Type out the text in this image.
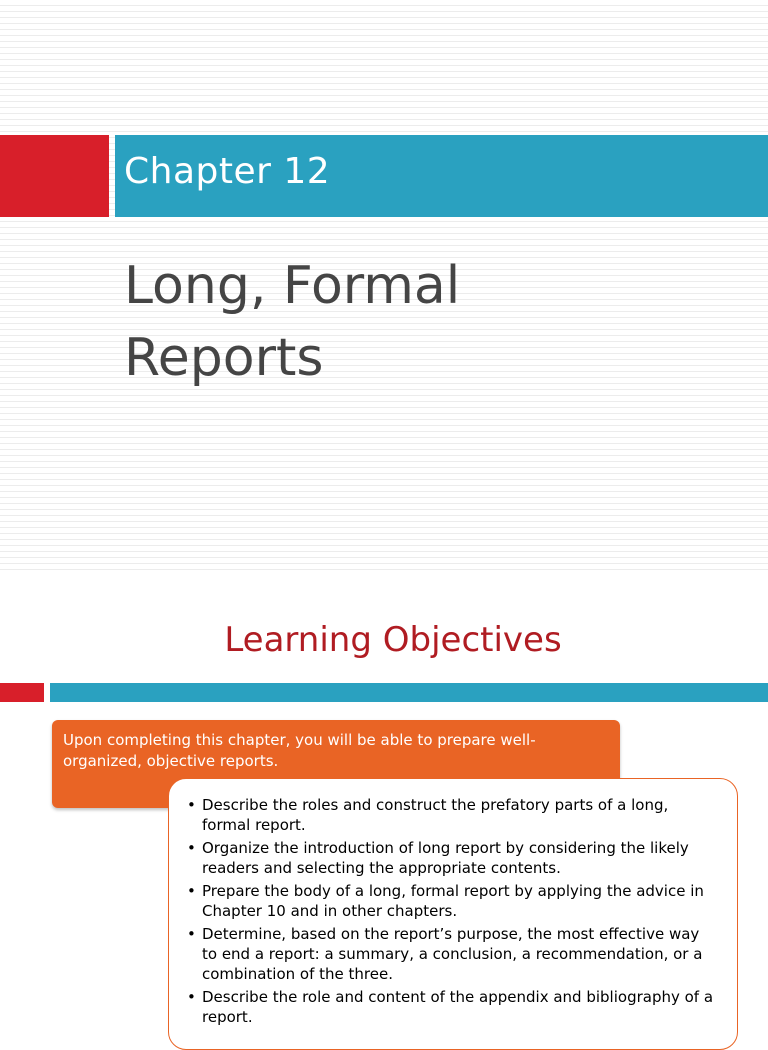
Chapter 12
Long, Formal
Reports
Learning Objectives
Upon completing this chapter, you will be able to prepare well-organized, objective reports.
• Describe the roles and construct the prefatory parts of a long, formal report.
• Organize the introduction of long report by considering the likely readers and selecting the appropriate contents.
• Prepare the body of a long, formal report by applying the advice in Chapter 10 and in other chapters.
• Determine, based on the report’s purpose, the most effective way to end a report: a summary, a conclusion, a recommendation, or a combination of the three.
• Describe the role and content of the appendix and bibliography of a report.
